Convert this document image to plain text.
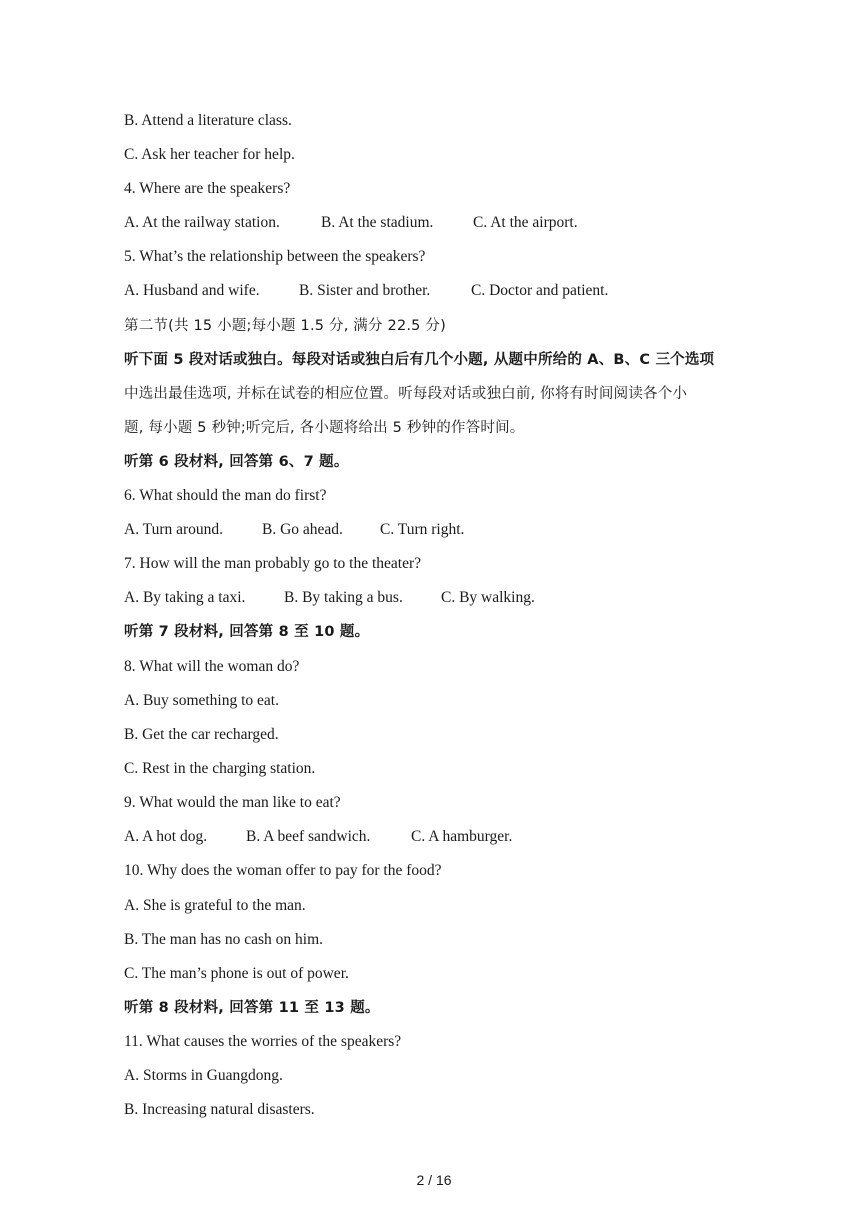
B. Attend a literature class.

C. Ask her teacher for help.

4. Where are the speakers?

A. At the railway station.	B. At the stadium.	C. At the airport.

5. What’s the relationship between the speakers?

A. Husband and wife.	B. Sister and brother.	C. Doctor and patient.

第二节(共 15 小题;每小题 1.5 分, 满分 22.5 分)

听下面 5 段对话或独白。每段对话或独白后有几个小题, 从题中所给的 A、B、C 三个选项

中选出最佳选项, 并标在试卷的相应位置。听每段对话或独白前, 你将有时间阅读各个小

题, 每小题 5 秒钟;听完后, 各小题将给出 5 秒钟的作答时间。

听第 6 段材料, 回答第 6、7 题。

6. What should the man do first?

A. Turn around.	B. Go ahead. C. Turn right.

7. How will the man probably go to the theater?

A. By taking a taxi. B. By taking a bus. C. By walking.

听第 7 段材料, 回答第 8 至 10 题。

8. What will the woman do?

A. Buy something to eat.

B. Get the car recharged.

C. Rest in the charging station.

9. What would the man like to eat?

A. A hot dog.	B. A beef sandwich.	C. A hamburger.

10. Why does the woman offer to pay for the food?

A. She is grateful to the man.

B. The man has no cash on him.

C. The man’s phone is out of power.

听第 8 段材料, 回答第 11 至 13 题。

11. What causes the worries of the speakers?

A. Storms in Guangdong.

B. Increasing natural disasters.

2 / 16
